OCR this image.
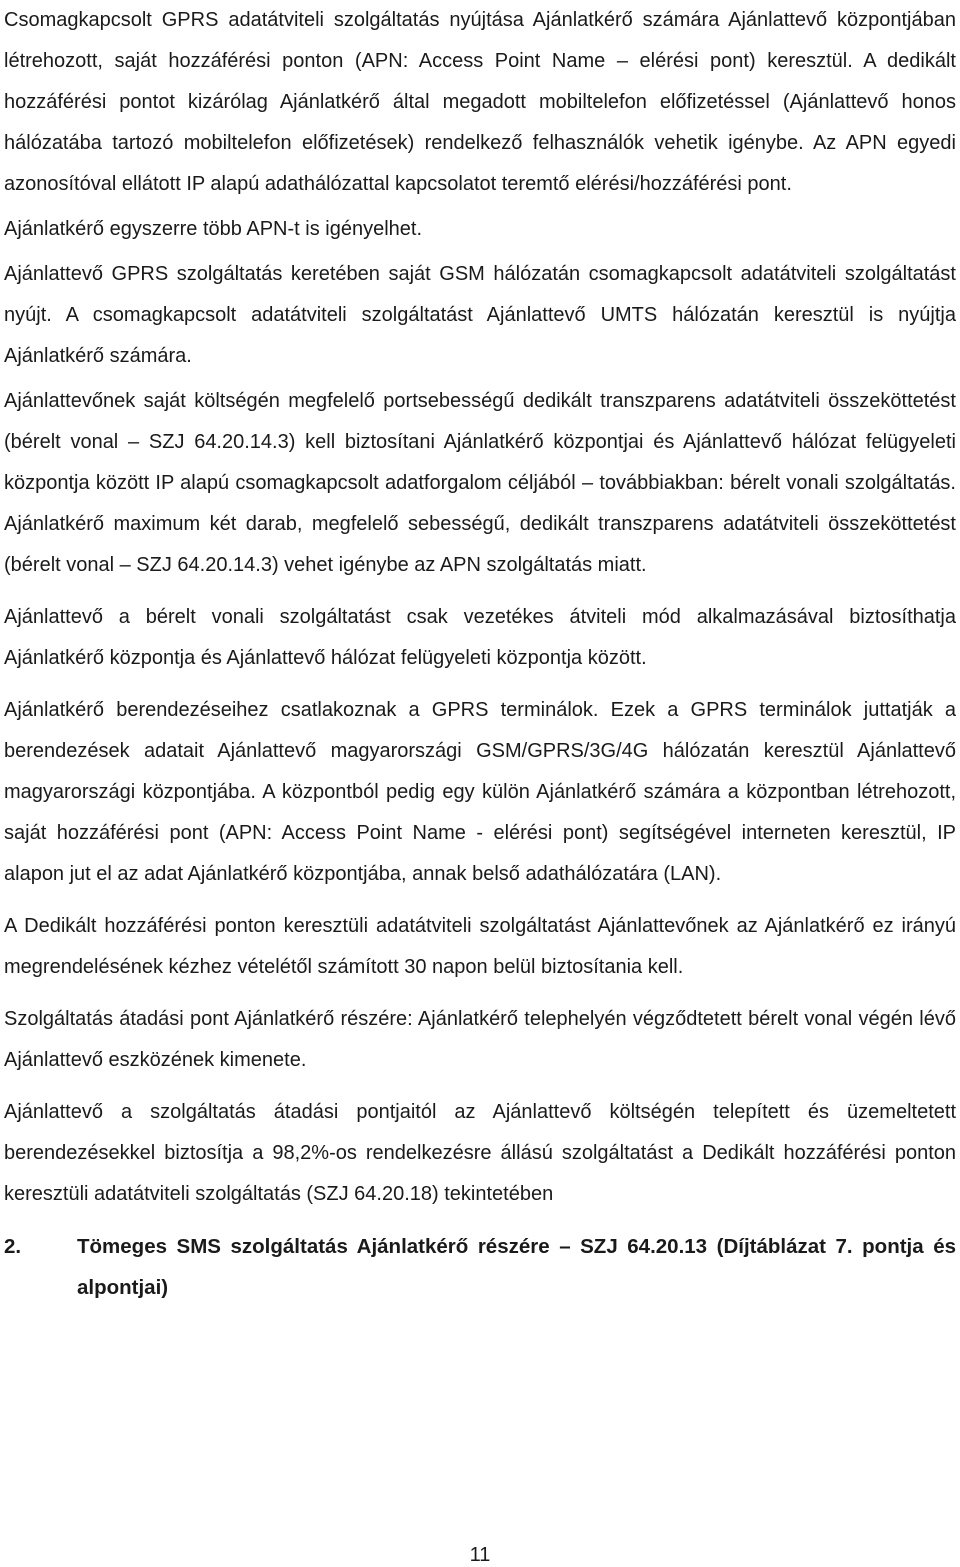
Csomagkapcsolt GPRS adatátviteli szolgáltatás nyújtása Ajánlatkérő számára Ajánlattevő központjában létrehozott, saját hozzáférési ponton (APN: Access Point Name – elérési pont) keresztül. A dedikált hozzáférési pontot kizárólag Ajánlatkérő által megadott mobiltelefon előfizetéssel (Ajánlattevő honos hálózatába tartozó mobiltelefon előfizetések) rendelkező felhasználók vehetik igénybe. Az APN egyedi azonosítóval ellátott IP alapú adathálózattal kapcsolatot teremtő elérési/hozzáférési pont.

Ajánlatkérő egyszerre több APN-t is igényelhet.

Ajánlattevő GPRS szolgáltatás keretében saját GSM hálózatán csomagkapcsolt adatátviteli szolgáltatást nyújt. A csomagkapcsolt adatátviteli szolgáltatást Ajánlattevő UMTS hálózatán keresztül is nyújtja Ajánlatkérő számára.

Ajánlattevőnek saját költségén megfelelő portsebességű dedikált transzparens adatátviteli összeköttetést (bérelt vonal – SZJ 64.20.14.3) kell biztosítani Ajánlatkérő központjai és Ajánlattevő hálózat felügyeleti központja között IP alapú csomagkapcsolt adatforgalom céljából – továbbiakban: bérelt vonali szolgáltatás. Ajánlatkérő maximum két darab, megfelelő sebességű, dedikált transzparens adatátviteli összeköttetést (bérelt vonal – SZJ 64.20.14.3) vehet igénybe az APN szolgáltatás miatt.

Ajánlattevő a bérelt vonali szolgáltatást csak vezetékes átviteli mód alkalmazásával biztosíthatja Ajánlatkérő központja és Ajánlattevő hálózat felügyeleti központja között.

Ajánlatkérő berendezéseihez csatlakoznak a GPRS terminálok. Ezek a GPRS terminálok juttatják a berendezések adatait Ajánlattevő magyarországi GSM/GPRS/3G/4G hálózatán keresztül Ajánlattevő magyarországi központjába. A központból pedig egy külön Ajánlatkérő számára a központban létrehozott, saját hozzáférési pont (APN: Access Point Name - elérési pont) segítségével interneten keresztül, IP alapon jut el az adat Ajánlatkérő központjába, annak belső adathálózatára (LAN).

A Dedikált hozzáférési ponton keresztüli adatátviteli szolgáltatást Ajánlattevőnek az Ajánlatkérő ez irányú megrendelésének kézhez vételétől számított 30 napon belül biztosítania kell.

Szolgáltatás átadási pont Ajánlatkérő részére: Ajánlatkérő telephelyén végződtetett bérelt vonal végén lévő Ajánlattevő eszközének kimenete.

Ajánlattevő a szolgáltatás átadási pontjaitól az Ajánlattevő költségén telepített és üzemeltetett berendezésekkel biztosítja a 98,2%-os rendelkezésre állású szolgáltatást a Dedikált hozzáférési ponton keresztüli adatátviteli szolgáltatás (SZJ 64.20.18) tekintetében

2.	Tömeges SMS szolgáltatás Ajánlatkérő részére – SZJ 64.20.13 (Díjtáblázat 7. pontja és alpontjai)
11
